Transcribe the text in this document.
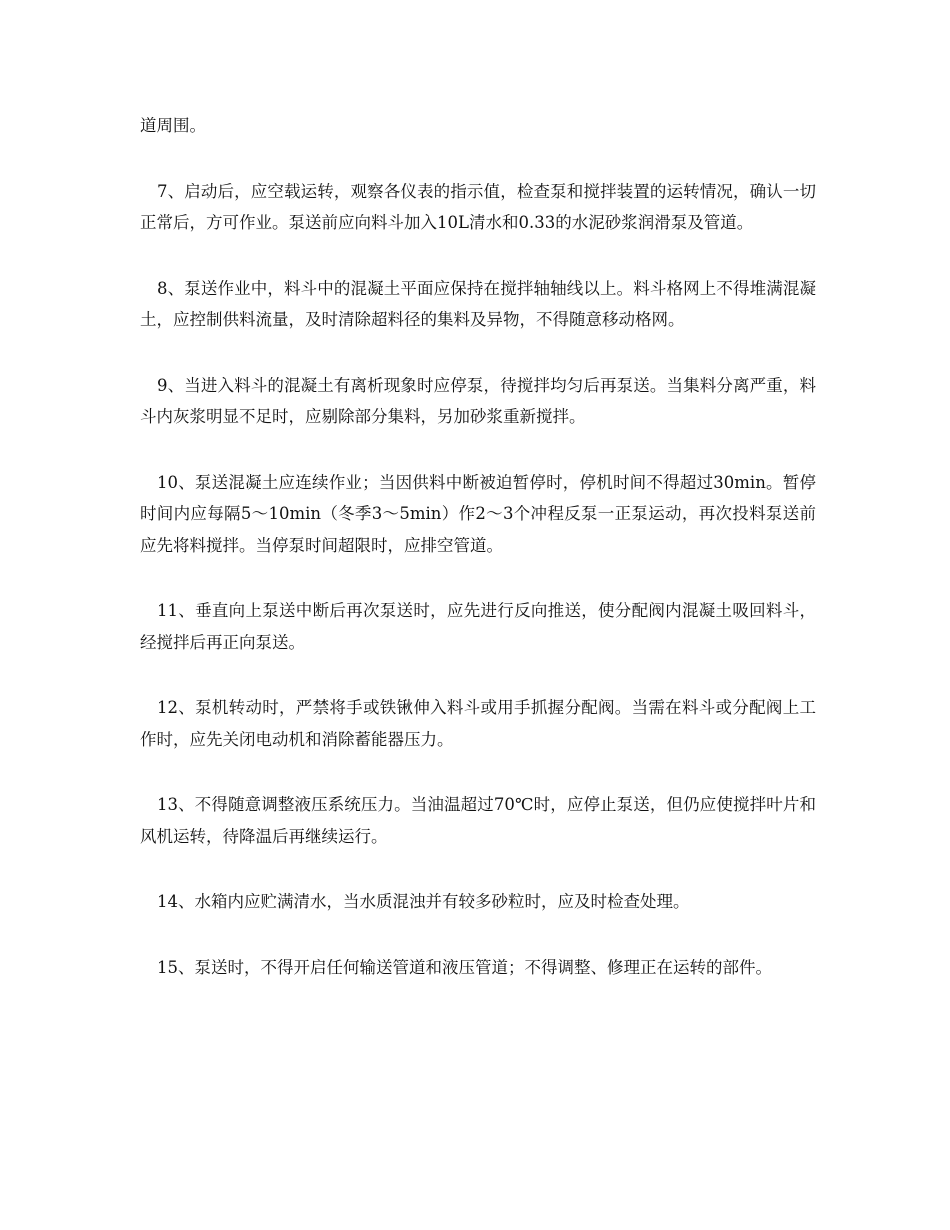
道周围。

7、启动后，应空载运转，观察各仪表的指示值，检查泵和搅拌装置的运转情况，确认一切正常后，方可作业。泵送前应向料斗加入10L清水和0.33的水泥砂浆润滑泵及管道。

8、泵送作业中，料斗中的混凝土平面应保持在搅拌轴轴线以上。料斗格网上不得堆满混凝土，应控制供料流量，及时清除超料径的集料及异物，不得随意移动格网。

9、当进入料斗的混凝土有离析现象时应停泵，待搅拌均匀后再泵送。当集料分离严重，料斗内灰浆明显不足时，应剔除部分集料，另加砂浆重新搅拌。

10、泵送混凝土应连续作业；当因供料中断被迫暂停时，停机时间不得超过30min。暂停时间内应每隔5～10min（冬季3～5min）作2～3个冲程反泵一正泵运动，再次投料泵送前应先将料搅拌。当停泵时间超限时，应排空管道。

11、垂直向上泵送中断后再次泵送时，应先进行反向推送，使分配阀内混凝土吸回料斗，经搅拌后再正向泵送。

12、泵机转动时，严禁将手或铁锹伸入料斗或用手抓握分配阀。当需在料斗或分配阀上工作时，应先关闭电动机和消除蓄能器压力。

13、不得随意调整液压系统压力。当油温超过70℃时，应停止泵送，但仍应使搅拌叶片和风机运转，待降温后再继续运行。

14、水箱内应贮满清水，当水质混浊并有较多砂粒时，应及时检查处理。

15、泵送时，不得开启任何输送管道和液压管道；不得调整、修理正在运转的部件。
